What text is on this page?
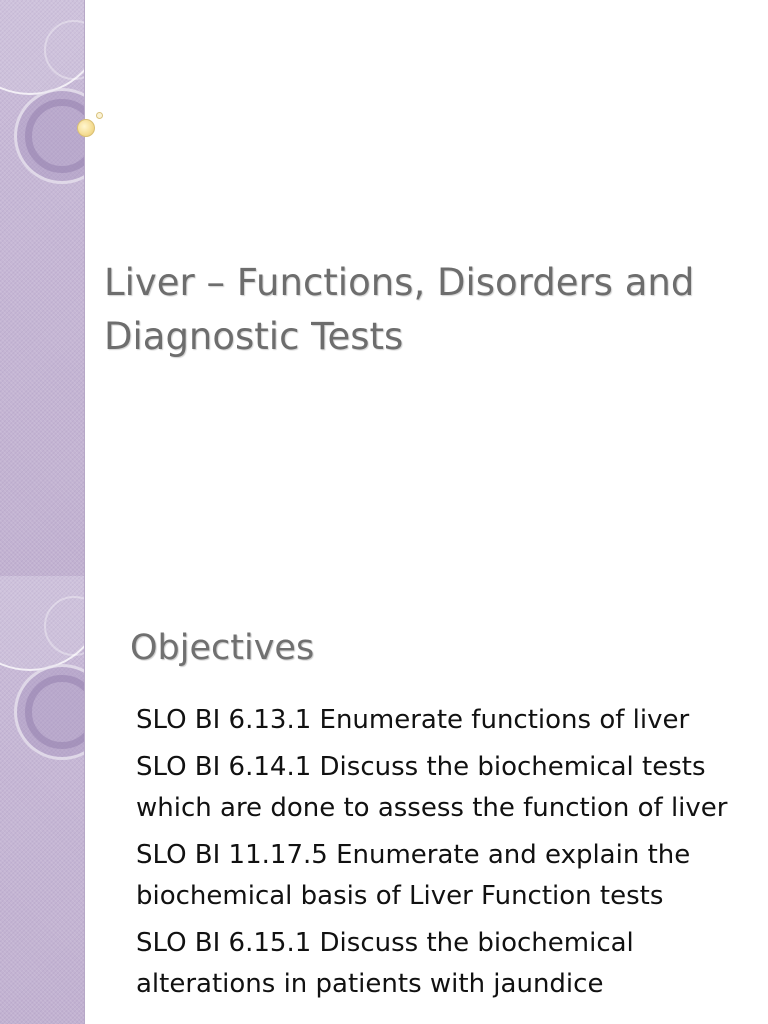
Liver – Functions, Disorders and Diagnostic Tests
Objectives
SLO BI 6.13.1 Enumerate functions of liver
SLO BI 6.14.1 Discuss the biochemical tests which are done to assess the function of liver
SLO BI 11.17.5 Enumerate and explain the biochemical basis of Liver Function tests
SLO BI 6.15.1 Discuss the biochemical alterations in patients with jaundice
